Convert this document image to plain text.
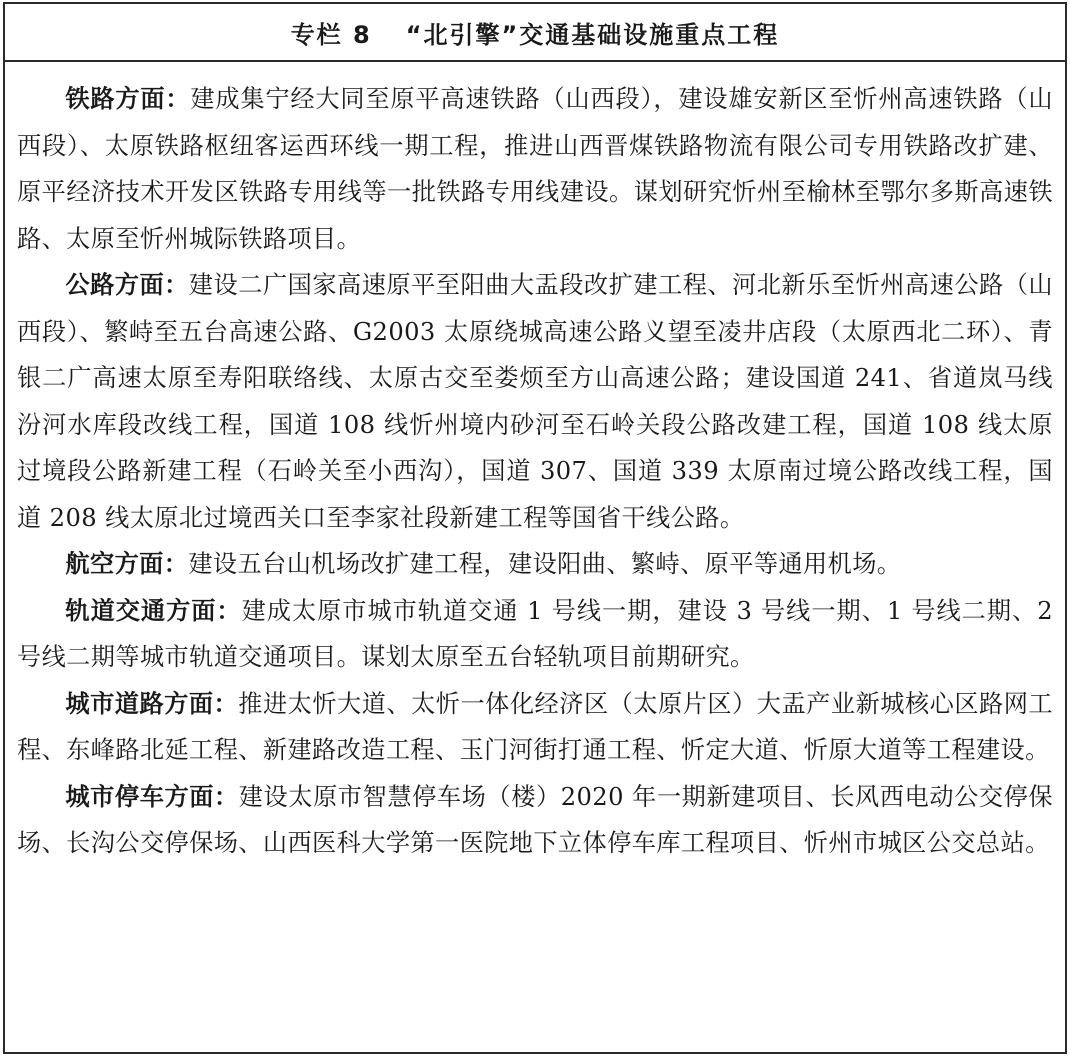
专栏 8 “北引擎”交通基础设施重点工程

铁路方面：建成集宁经大同至原平高速铁路（山西段），建设雄安新区至忻州高速铁路（山西段）、太原铁路枢纽客运西环线一期工程，推进山西晋煤铁路物流有限公司专用铁路改扩建、原平经济技术开发区铁路专用线等一批铁路专用线建设。谋划研究忻州至榆林至鄂尔多斯高速铁路、太原至忻州城际铁路项目。

公路方面：建设二广国家高速原平至阳曲大盂段改扩建工程、河北新乐至忻州高速公路（山西段）、繁峙至五台高速公路、G2003 太原绕城高速公路义望至凌井店段（太原西北二环）、青银二广高速太原至寿阳联络线、太原古交至娄烦至方山高速公路；建设国道 241、省道岚马线汾河水库段改线工程，国道 108 线忻州境内砂河至石岭关段公路改建工程，国道 108 线太原过境段公路新建工程（石岭关至小西沟），国道 307、国道 339 太原南过境公路改线工程，国道 208 线太原北过境西关口至李家社段新建工程等国省干线公路。

航空方面：建设五台山机场改扩建工程，建设阳曲、繁峙、原平等通用机场。

轨道交通方面：建成太原市城市轨道交通 1 号线一期，建设 3 号线一期、1 号线二期、2 号线二期等城市轨道交通项目。谋划太原至五台轻轨项目前期研究。

城市道路方面：推进太忻大道、太忻一体化经济区（太原片区）大盂产业新城核心区路网工程、东峰路北延工程、新建路改造工程、玉门河街打通工程、忻定大道、忻原大道等工程建设。

城市停车方面：建设太原市智慧停车场（楼）2020 年一期新建项目、长风西电动公交停保场、长沟公交停保场、山西医科大学第一医院地下立体停车库工程项目、忻州市城区公交总站。
